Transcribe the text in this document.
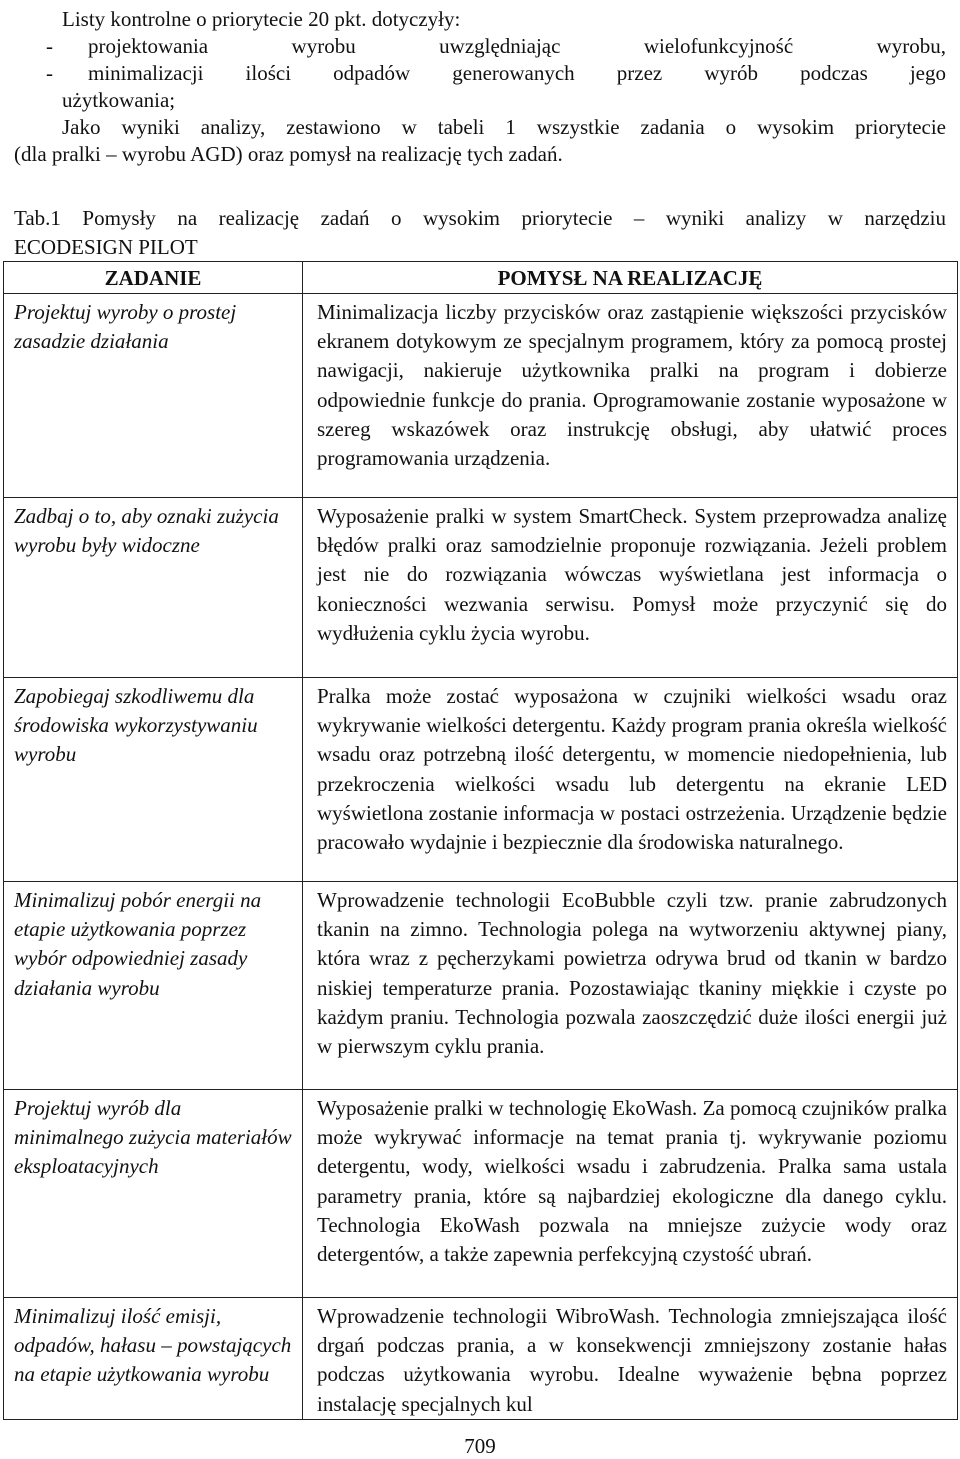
Listy kontrolne o priorytecie 20 pkt. dotyczyły:

- projektowania wyrobu uwzględniając wielofunkcyjność wyrobu,
- minimalizacji ilości odpadów generowanych przez wyrób podczas jego
użytkowania;

Jako wyniki analizy, zestawiono w tabeli 1 wszystkie zadania o wysokim priorytecie

(dla pralki – wyrobu AGD) oraz pomysł na realizację tych zadań.

Tab.1 Pomysły na realizację zadań o wysokim priorytecie – wyniki analizy w narzędziu

ECODESIGN PILOT

ZADANIE	POMYSŁ NA REALIZACJĘ
Projektuj wyroby o prostej zasadzie działania	Minimalizacja liczby przycisków oraz zastąpienie większości przycisków ekranem dotykowym ze specjalnym programem, który za pomocą prostej nawigacji, nakieruje użytkownika pralki na program i dobierze odpowiednie funkcje do prania. Oprogramowanie zostanie wyposażone w szereg wskazówek oraz instrukcję obsługi, aby ułatwić proces programowania urządzenia.
Zadbaj o to, aby oznaki zużycia wyrobu były widoczne	Wyposażenie pralki w system SmartCheck. System przeprowadza analizę błędów pralki oraz samodzielnie proponuje rozwiązania. Jeżeli problem jest nie do rozwiązania wówczas wyświetlana jest informacja o konieczności wezwania serwisu. Pomysł może przyczynić się do wydłużenia cyklu życia wyrobu.
Zapobiegaj szkodliwemu dla środowiska wykorzystywaniu wyrobu	Pralka może zostać wyposażona w czujniki wielkości wsadu oraz wykrywanie wielkości detergentu. Każdy program prania określa wielkość wsadu oraz potrzebną ilość detergentu, w momencie niedopełnienia, lub przekroczenia wielkości wsadu lub detergentu na ekranie LED wyświetlona zostanie informacja w postaci ostrzeżenia. Urządzenie będzie pracowało wydajnie i bezpiecznie dla środowiska naturalnego.
Minimalizuj pobór energii na etapie użytkowania poprzez wybór odpowiedniej zasady działania wyrobu	Wprowadzenie technologii EcoBubble czyli tzw. pranie zabrudzonych tkanin na zimno. Technologia polega na wytworzeniu aktywnej piany, która wraz z pęcherzykami powietrza odrywa brud od tkanin w bardzo niskiej temperaturze prania. Pozostawiając tkaniny miękkie i czyste po każdym praniu. Technologia pozwala zaoszczędzić duże ilości energii już w pierwszym cyklu prania.
Projektuj wyrób dla minimalnego zużycia materiałów eksploatacyjnych	Wyposażenie pralki w technologię EkoWash. Za pomocą czujników pralka może wykrywać informacje na temat prania tj. wykrywanie poziomu detergentu, wody, wielkości wsadu i zabrudzenia. Pralka sama ustala parametry prania, które są najbardziej ekologiczne dla danego cyklu. Technologia EkoWash pozwala na mniejsze zużycie wody oraz detergentów, a także zapewnia perfekcyjną czystość ubrań.
Minimalizuj ilość emisji, odpadów, hałasu – powstających na etapie użytkowania wyrobu	Wprowadzenie technologii WibroWash. Technologia zmniejszająca ilość drgań podczas prania, a w konsekwencji zmniejszony zostanie hałas podczas użytkowania wyrobu. Idealne wyważenie bębna poprzez instalację specjalnych kul
709
